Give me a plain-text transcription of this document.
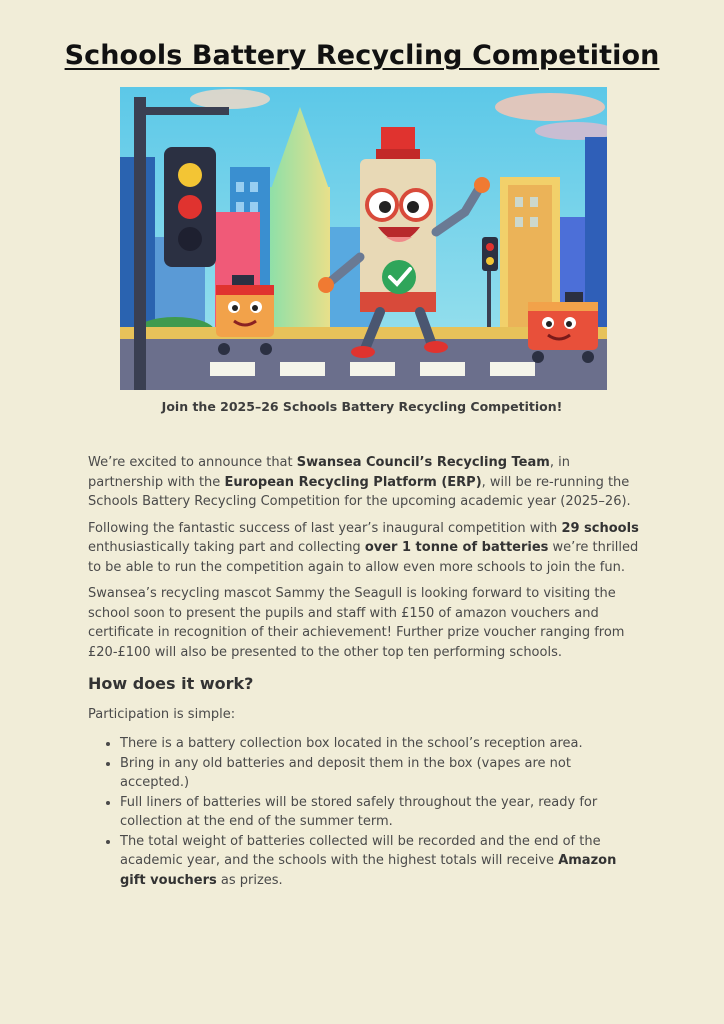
Schools Battery Recycling Competition

Join the 2025–26 Schools Battery Recycling Competition!

We’re excited to announce that Swansea Council’s Recycling Team, in partnership with the European Recycling Platform (ERP), will be re-running the Schools Battery Recycling Competition for the upcoming academic year (2025–26).

Following the fantastic success of last year’s inaugural competition with 29 schools enthusiastically taking part and collecting over 1 tonne of batteries we’re thrilled to be able to run the competition again to allow even more schools to join the fun.

Swansea’s recycling mascot Sammy the Seagull is looking forward to visiting the school soon to present the pupils and staff with £150 of amazon vouchers and certificate in recognition of their achievement! Further prize voucher ranging from £20-£100 will also be presented to the other top ten performing schools.

How does it work?

Participation is simple:

• There is a battery collection box located in the school’s reception area.
• Bring in any old batteries and deposit them in the box (vapes are not accepted.)
• Full liners of batteries will be stored safely throughout the year, ready for collection at the end of the summer term.
• The total weight of batteries collected will be recorded and the end of the academic year, and the schools with the highest totals will receive Amazon gift vouchers as prizes.
